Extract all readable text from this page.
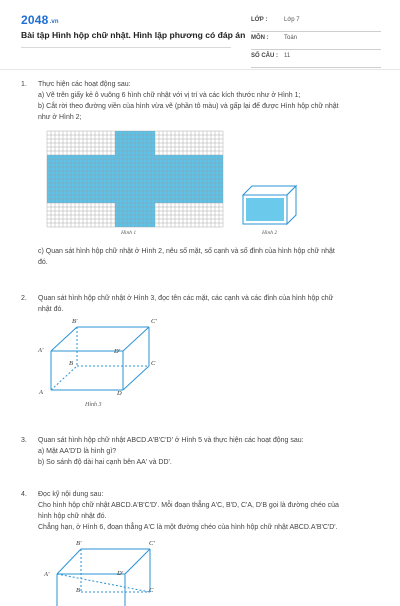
2048.vn
Bài tập Hình hộp chữ nhật. Hình lập phương có đáp án
LỚP :	Lớp 7
MÔN :	Toán
SỐ CÂU : 11
1. Thực hiện các hoạt động sau:
a) Vẽ trên giấy kẻ ô vuông 6 hình chữ nhật với vị trí và các kích thước như ở Hình 1;
b) Cắt rời theo đường viền của hình vừa vẽ (phần tô màu) và gấp lại để được Hình hộp chữ nhật
như ở Hình 2;
Hình 1	Hình 2
c) Quan sát hình hộp chữ nhật ở Hình 2, nêu số mặt, số cạnh và số đỉnh của hình hộp chữ nhật
đó.
2. Quan sát hình hộp chữ nhật ở Hình 3, đọc tên các mặt, các cạnh và các đỉnh của hình hộp chữ
nhật đó.
B'	C'
A'	D'
B	C
A	D
Hình 3
3. Quan sát hình hộp chữ nhật ABCD.A'B'C'D' ở Hình 5 và thực hiện các hoạt động sau:
a) Mặt AA'D'D là hình gì?
b) So sánh độ dài hai cạnh bên AA' và DD'.
4. Đọc kỹ nội dung sau:
Cho hình hộp chữ nhật ABCD.A'B'C'D'. Mỗi đoạn thẳng A'C, B'D, C'A, D'B gọi là đường chéo của
hình hộp chữ nhật đó.
Chẳng hạn, ở Hình 6, đoạn thẳng A'C là một đường chéo của hình hộp chữ nhật ABCD.A'B'C'D'.
B'	C'
A'	D'
B	C
